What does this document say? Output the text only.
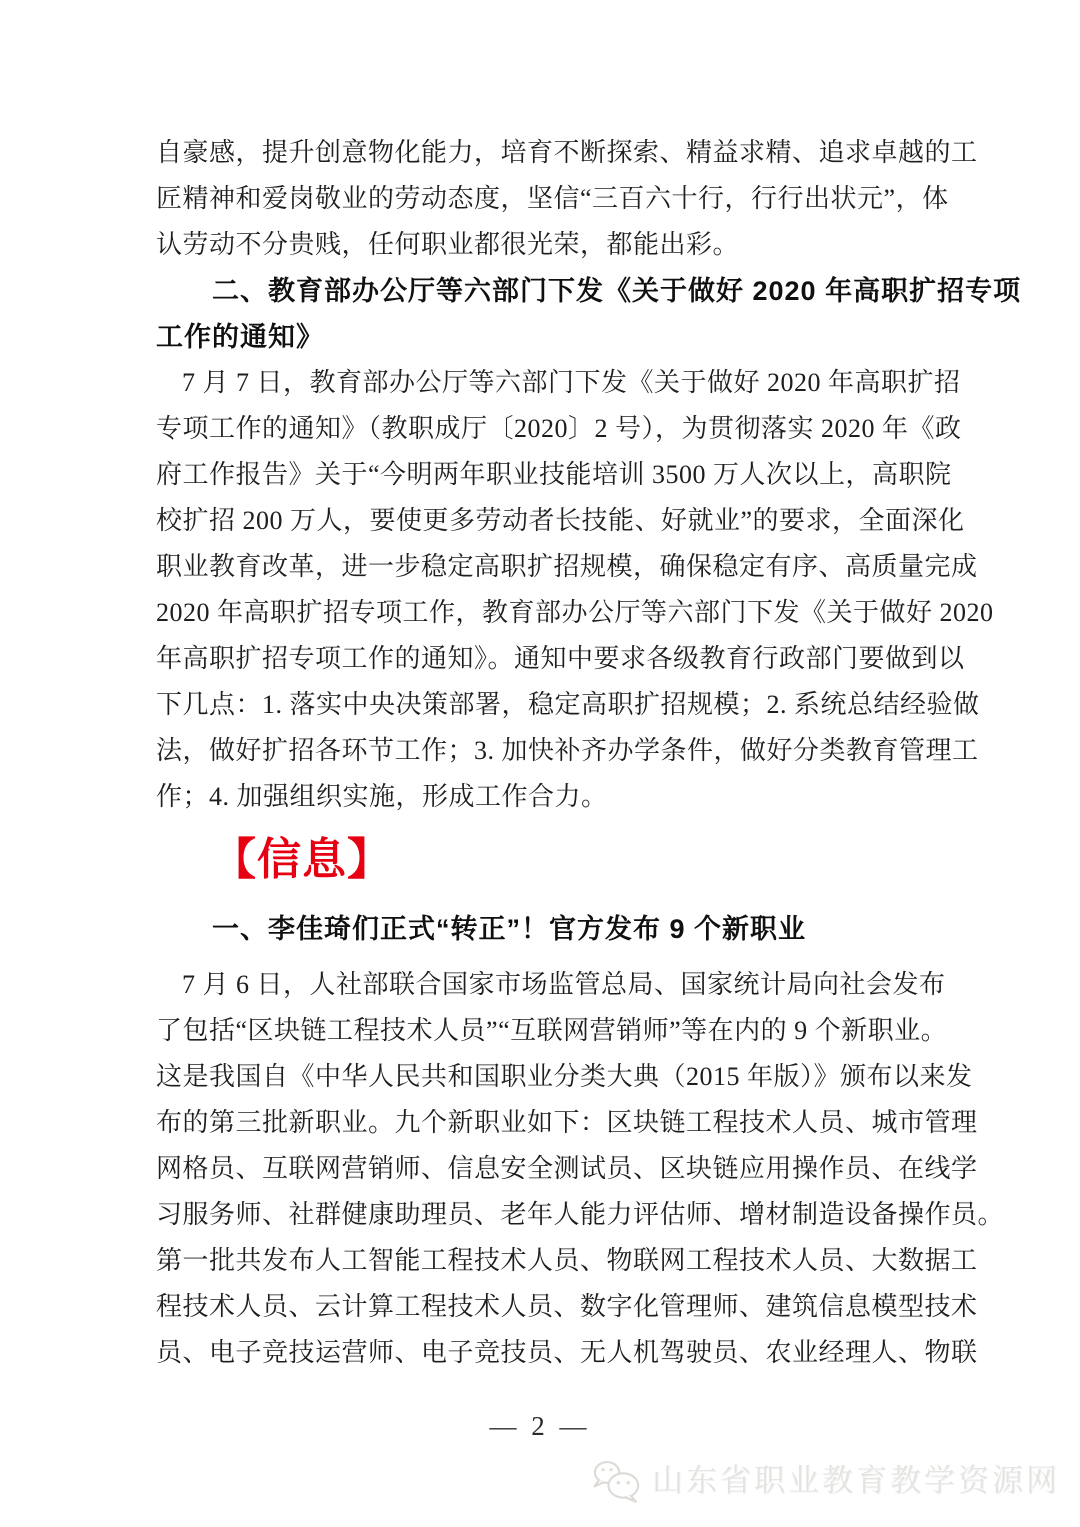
自豪感，提升创意物化能力，培育不断探索、精益求精、追求卓越的工
匠精神和爱岗敬业的劳动态度，坚信“三百六十行，行行出状元”，体
认劳动不分贵贱，任何职业都很光荣，都能出彩。
二、教育部办公厅等六部门下发《关于做好 2020 年高职扩招专项
工作的通知》
7 月 7 日，教育部办公厅等六部门下发《关于做好 2020 年高职扩招
专项工作的通知》（教职成厅〔2020〕2 号），为贯彻落实 2020 年《政
府工作报告》关于“今明两年职业技能培训 3500 万人次以上，高职院
校扩招 200 万人，要使更多劳动者长技能、好就业”的要求，全面深化
职业教育改革，进一步稳定高职扩招规模，确保稳定有序、高质量完成
2020 年高职扩招专项工作，教育部办公厅等六部门下发《关于做好 2020
年高职扩招专项工作的通知》。通知中要求各级教育行政部门要做到以
下几点：1. 落实中央决策部署，稳定高职扩招规模；2. 系统总结经验做
法，做好扩招各环节工作；3. 加快补齐办学条件，做好分类教育管理工
作；4. 加强组织实施，形成工作合力。
【信息】
一、李佳琦们正式“转正”！官方发布 9 个新职业
7 月 6 日，人社部联合国家市场监管总局、国家统计局向社会发布
了包括“区块链工程技术人员”“互联网营销师”等在内的 9 个新职业。
这是我国自《中华人民共和国职业分类大典（2015 年版）》颁布以来发
布的第三批新职业。九个新职业如下：区块链工程技术人员、城市管理
网格员、互联网营销师、信息安全测试员、区块链应用操作员、在线学
习服务师、社群健康助理员、老年人能力评估师、增材制造设备操作员。
第一批共发布人工智能工程技术人员、物联网工程技术人员、大数据工
程技术人员、云计算工程技术人员、数字化管理师、建筑信息模型技术
员、电子竞技运营师、电子竞技员、无人机驾驶员、农业经理人、物联
— 2 —
山东省职业教育教学资源网
